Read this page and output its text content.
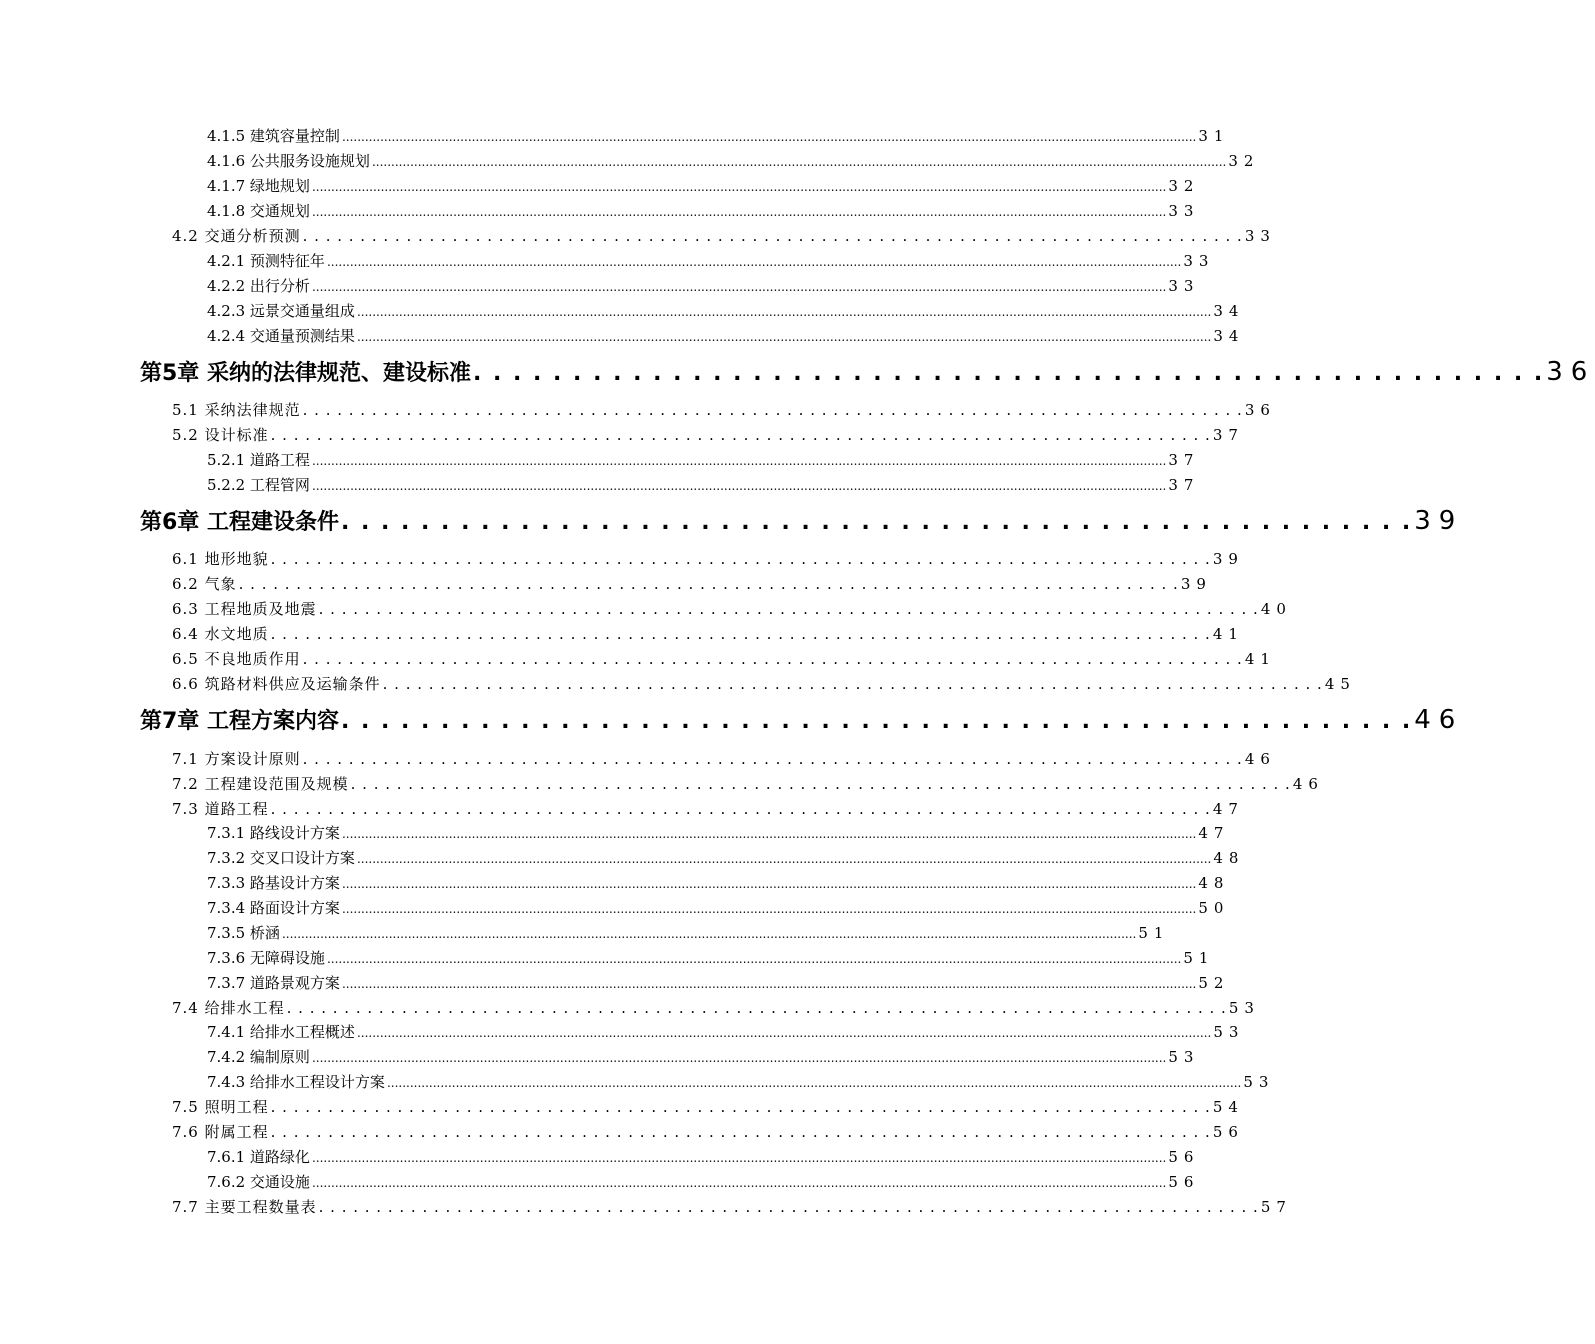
4.1.5 建筑容量控制 .....	31
4.1.6 公共服务设施规划 .....	32
4.1.7 绿地规划 .....	32
4.1.8 交通规划 .....	33
4.2 交通分析预测 . . .	33
4.2.1 预测特征年 .....	33
4.2.2 出行分析 .....	33
4.2.3 远景交通量组成 .....	34
4.2.4 交通量预测结果 .....	34
第5章 采纳的法律规范、建设标准 . . .	36
5.1 采纳法律规范 . . .	36
5.2 设计标准 . . .	37
5.2.1 道路工程 .....	37
5.2.2 工程管网 .....	37
第6章 工程建设条件 . . .	39
6.1 地形地貌 . . .	39
6.2 气象 . . .	39
6.3 工程地质及地震 . . .	40
6.4 水文地质 . . .	41
6.5 不良地质作用 . . .	41
6.6 筑路材料供应及运输条件 . . .	45
第7章 工程方案内容 . . .	46
7.1 方案设计原则 . . .	46
7.2 工程建设范围及规模 . . .	46
7.3 道路工程 . . .	47
7.3.1 路线设计方案 .....	47
7.3.2 交叉口设计方案 .....	48
7.3.3 路基设计方案 .....	48
7.3.4 路面设计方案 .....	50
7.3.5 桥涵 .....	51
7.3.6 无障碍设施 .....	51
7.3.7 道路景观方案 .....	52
7.4 给排水工程 . . .	53
7.4.1 给排水工程概述 .....	53
7.4.2 编制原则 .....	53
7.4.3 给排水工程设计方案 .....	53
7.5 照明工程 . . .	54
7.6 附属工程 . . .	56
7.6.1 道路绿化 .....	56
7.6.2 交通设施 .....	56
7.7 主要工程数量表 . . .	57
